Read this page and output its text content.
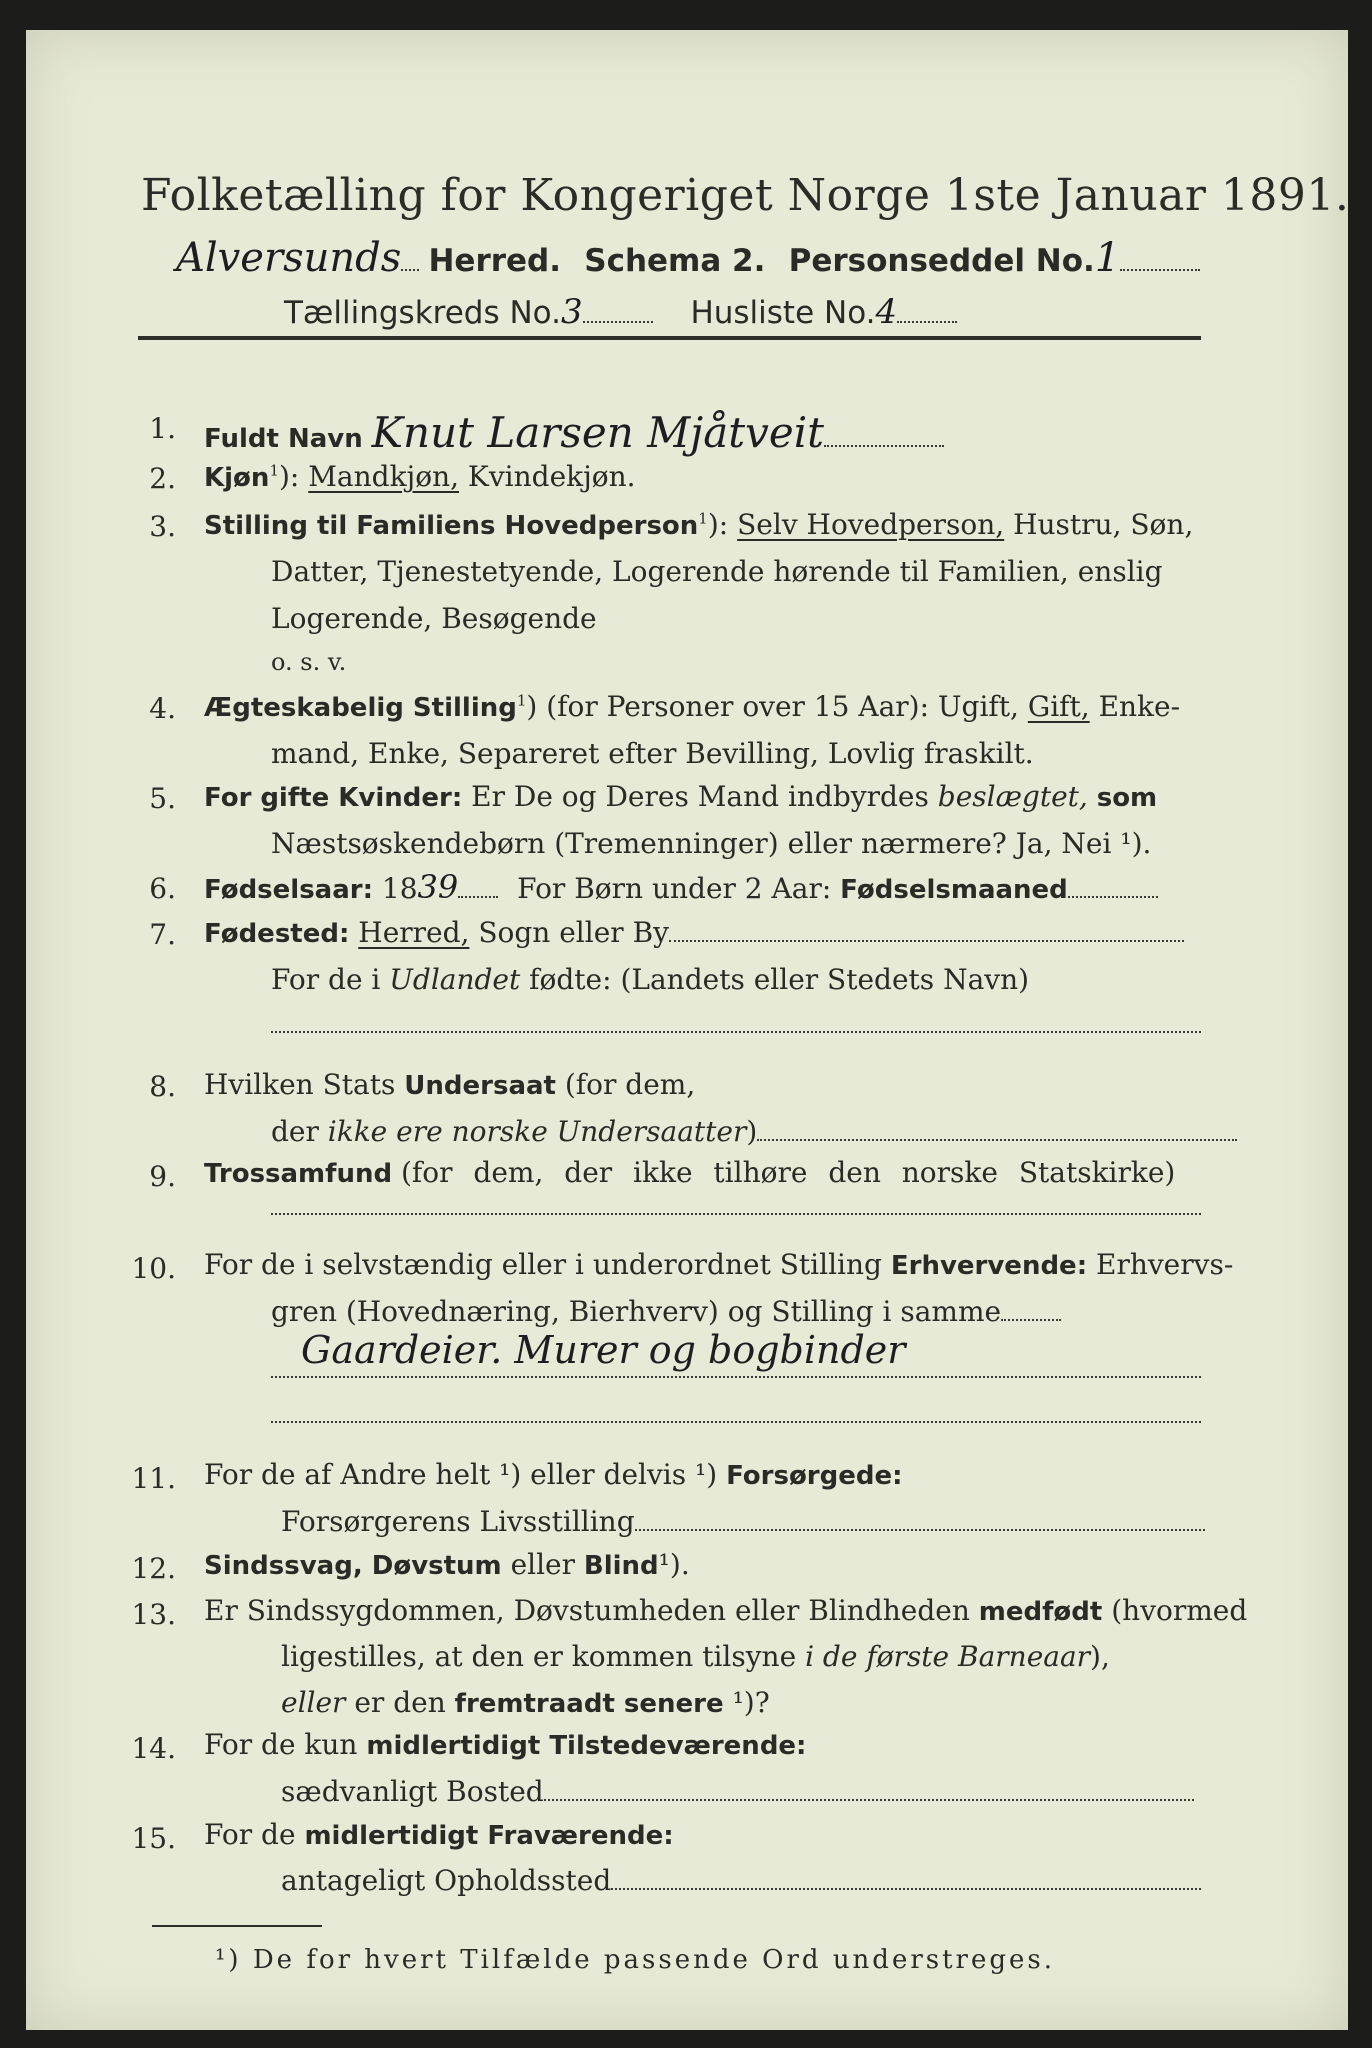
Folketælling for Kongeriget Norge 1ste Januar 1891.
Alversunds Herred. Schema 2. Personseddel No.1
Tællingskreds No.3	Husliste No.4
1. Fuldt Navn Knut Larsen Mjåtveit
2. Kjøn$^1$): Mandkjøn, Kvindekjøn.
3. Stilling til Familiens Hovedperson$^1$): Selv Hovedperson, Hustru, Søn,
Datter, Tjenestetyende, Logerende hørende til Familien, enslig
Logerende, Besøgende
o. s. v.
4. Ægteskabelig Stilling$^1$) (for Personer over 15 Aar): Ugift, Gift, Enke-
mand, Enke, Separeret efter Bevilling, Lovlig fraskilt.
5. For gifte Kvinder: Er De og Deres Mand indbyrdes beslægtet, som
Næstsøskendebørn (Tremenninger) eller nærmere? Ja, Nei ¹).
6. Fødselsaar: 1839 For Børn under 2 Aar: Fødselsmaaned
7. Fødested: Herred, Sogn eller By
For de i Udlandet fødte: (Landets eller Stedets Navn)
8. Hvilken Stats Undersaat (for dem,
der ikke ere norske Undersaatter)
9. Trossamfund (for dem, der ikke tilhøre den norske Statskirke)
10. For de i selvstændig eller i underordnet Stilling Erhvervende: Erhvervs-
gren (Hovednæring, Bierhverv) og Stilling i samme
Gaardeier. Murer og bogbinder
11. For de af Andre helt ¹) eller delvis ¹) Forsørgede:
Forsørgerens Livsstilling
12. Sindssvag, Døvstum eller Blind¹).
13. Er Sindssygdommen, Døvstumheden eller Blindheden medfødt (hvormed
ligestilles, at den er kommen tilsyne i de første Barneaar),
eller er den fremtraadt senere ¹)?
14. For de kun midlertidigt Tilstedeværende:
sædvanligt Bosted
15. For de midlertidigt Fraværende:
antageligt Opholdssted
¹) De for hvert Tilfælde passende Ord understreges.
